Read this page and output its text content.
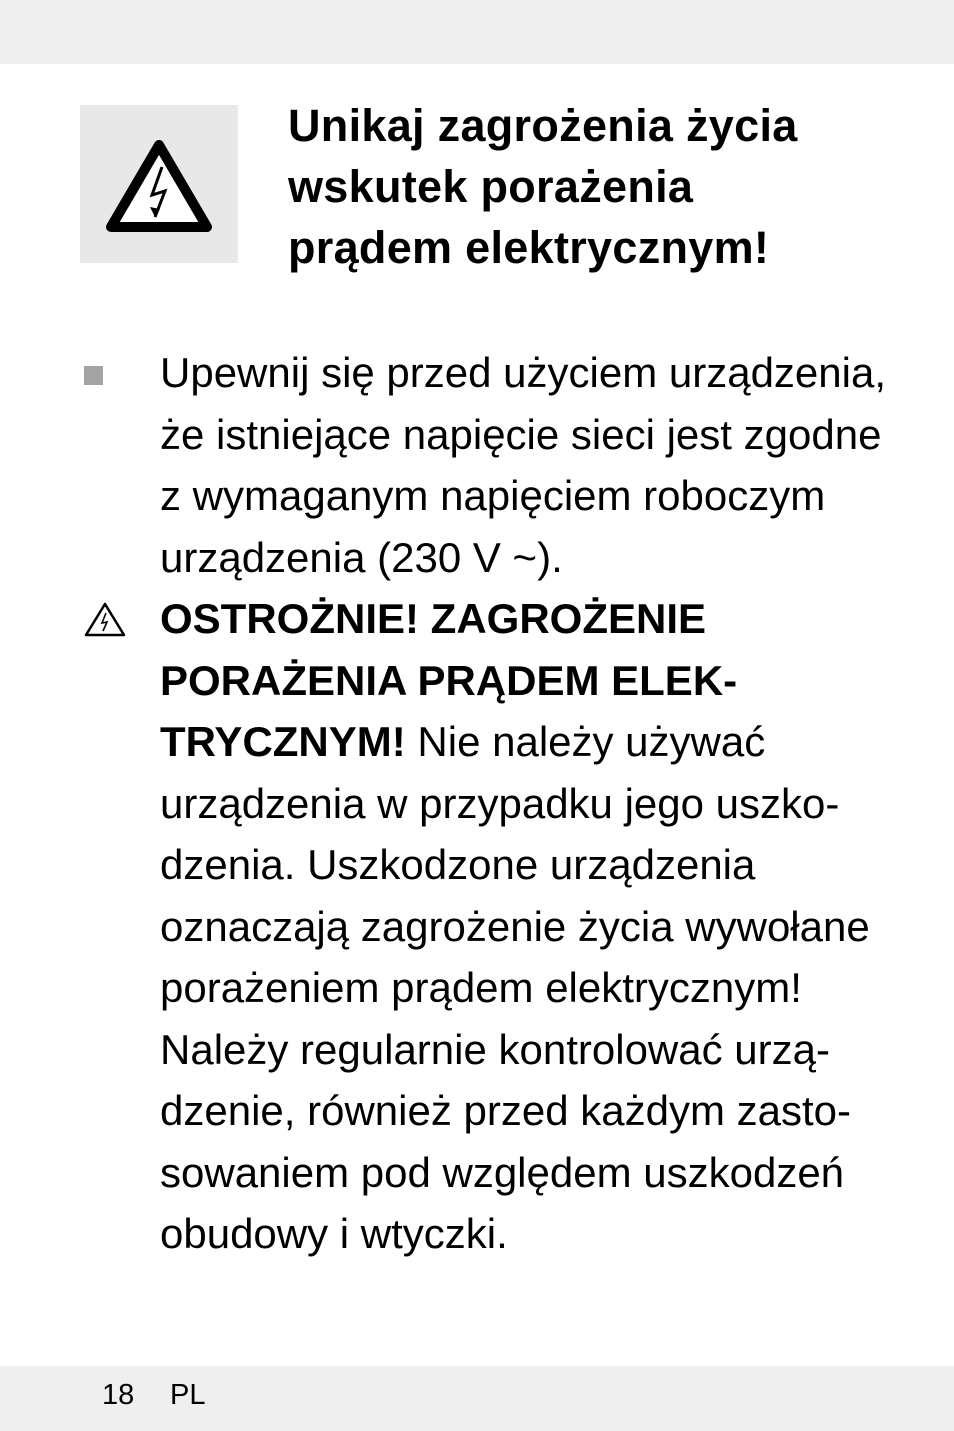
Unikaj zagrożenia życia
wskutek porażenia
prądem elektrycznym!

Upewnij się przed użyciem urządzenia,
że istniejące napięcie sieci jest zgodne
z wymaganym napięciem roboczym
urządzenia (230 V ~).

OSTROŻNIE! ZAGROŻENIE
PORAŻENIA PRĄDEM ELEK-
TRYCZNYM! Nie należy używać
urządzenia w przypadku jego uszko-
dzenia. Uszkodzone urządzenia
oznaczają zagrożenie życia wywołane
porażeniem prądem elektrycznym!
Należy regularnie kontrolować urzą-
dzenie, również przed każdym zasto-
sowaniem pod względem uszkodzeń
obudowy i wtyczki.

18 PL
